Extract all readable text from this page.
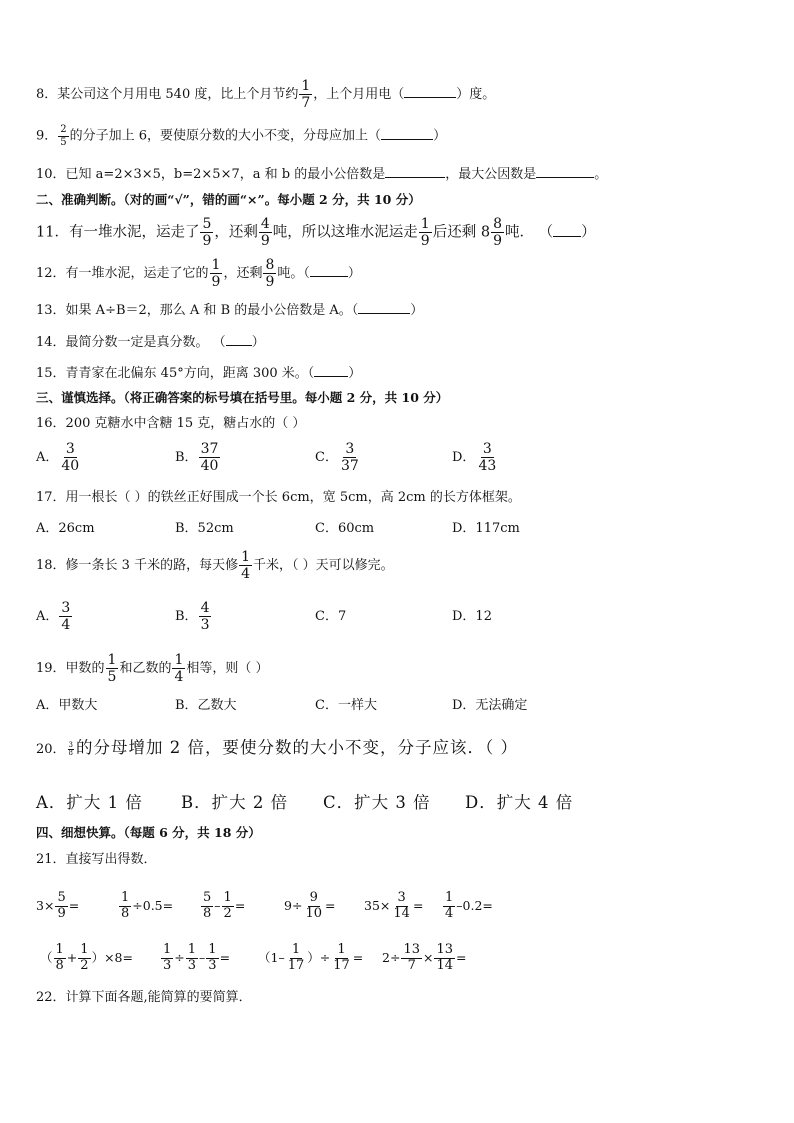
8．某公司这个月用电 540 度，比上个月节约 $\frac{1}{7}$ ，上个月用电（	）度。
9． $\frac{2}{5}$ 的分子加上 6，要使原分数的大小不变，分母应加上（	）
10．已知 a=2×3×5，b=2×5×7，a 和 b 的最小公倍数是	，最大公因数是	。
二、准确判断。（对的画“√”，错的画“×”。每小题 2 分，共 10 分）
11．有一堆水泥，运走了 $\frac{5}{9}$ ，还剩 $\frac{4}{9}$ 吨，所以这堆水泥运走 $\frac{1}{9}$ 后还剩 $8 \frac{8}{9}$ 吨． （ ）
12．有一堆水泥，运走了它的 $\frac{1}{9}$ ，还剩 $\frac{8}{9}$ 吨。（	）
13．如果 A÷B＝2，那么 A 和 B 的最小公倍数是 A。（	）
14．最简分数一定是真分数。 （ ）
15．青青家在北偏东 45°方向，距离 300 米。（	）
三、谨慎选择。（将正确答案的标号填在括号里。每小题 2 分，共 10 分）
16．200 克糖水中含糖 15 克，糖占水的（ ）
A． $\frac{3}{40}$	B． $\frac{37}{40}$	C． $\frac{3}{37}$	D． $\frac{3}{43}$
17．用一根长（ ）的铁丝正好围成一个长 6cm，宽 5cm，高 2cm 的长方体框架。
A．26cm	B．52cm	C．60cm	D．117cm
18．修一条长 3 千米的路，每天修 $\frac{1}{4}$ 千米，（ ）天可以修完。
A． $\frac{3}{4}$	B． $\frac{4}{3}$	C．7	D．12
19．甲数的 $\frac{1}{5}$ 和乙数的 $\frac{1}{4}$ 相等，则（ ）
A．甲数大	B．乙数大	C．一样大	D．无法确定
20． $\frac{3}{8}$ 的分母增加 2 倍，要使分数的大小不变，分子应该．（ ）
A．扩大 1 倍 B．扩大 2 倍 C．扩大 3 倍 D．扩大 4 倍
四、细想快算。（每题 6 分，共 18 分）
21．直接写出得数．
$3\times \frac{5}{9}$ =	$\frac{1}{8} \div 0.5= \frac{5}{8} - \frac{1}{2}$ =	$9\div \frac{9}{10} = 35\times \frac{3}{14} = \frac{1}{4} -0.2=$
（ $\frac{1}{8} + \frac{1}{2} )\times 8= \frac{1}{3} \div \frac{1}{3} - \frac{1}{3} = (1- \frac{1}{17}$ ）÷ $\frac{1}{17} = 2\div \frac{13}{7} \times \frac{13}{14}$ =
22．计算下面各题,能简算的要简算．
